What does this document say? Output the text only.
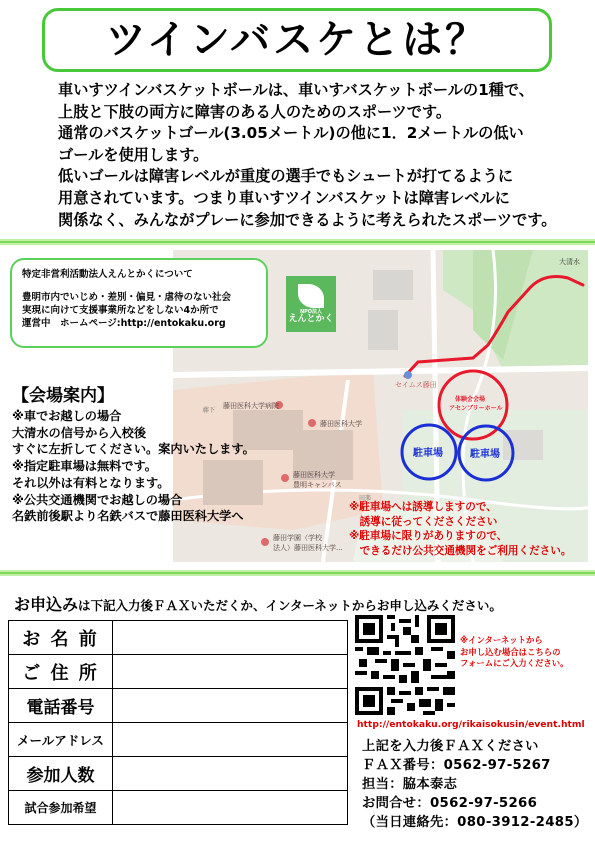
ツインバスケとは？
車いすツインバスケットボールは、車いすバスケットボールの1種で、
上肢と下肢の両方に障害のある人のためのスポーツです。
通常のバスケットゴール(3.05メートル)の他に1．2メートルの低い
ゴールを使用します。
低いゴールは障害レベルが重度の選手でもシュートが打てるように
用意されています。つまり車いすツインバスケットは障害レベルに
関係なく、みんながプレーに参加できるように考えられたスポーツです。
大清水
藤田医科大学病院
藤田医科大学
藤田医科大学
豊明キャンパス
藤田学園（学校
法人）藤田医科大学...
体験会会場
アセンブリーホール
セイムス藤田
駐車場	駐車場
藤下
田楽
特定非営利活動法人えんとかくについて
豊明市内でいじめ・差別・偏見・虐待のない社会
実現に向けて支援事業所などをしない4か所で
運営中　ホームページ:http://entokaku.org
NPO法人
えんとかく
【会場案内】
※車でお越しの場合
大清水の信号から入校後
すぐに左折してください。案内いたします。
※指定駐車場は無料です。
それ以外は有料となります。
※公共交通機関でお越しの場合
名鉄前後駅より名鉄バスで藤田医科大学へ
※駐車場へは誘導しますので、
　誘導に従ってくださください
※駐車場に限りがありますので、
　できるだけ公共交通機関をご利用ください。
お申込みは下記入力後ＦＡＸいただくか、インターネットからお申し込みください。
お 名 前	
ご 住 所	
電話番号	
メールアドレス	
参加人数	
試合参加希望	
※インターネットから
お申し込む場合はこちらの
フォームにご入力ください。
http://entokaku.org/rikaisokusin/event.html
上記を入力後ＦＡＸください
ＦＡＸ番号：0562-97-5267
担当：脇本泰志
お問合せ：0562-97-5266
（当日連絡先：080-3912-2485）
